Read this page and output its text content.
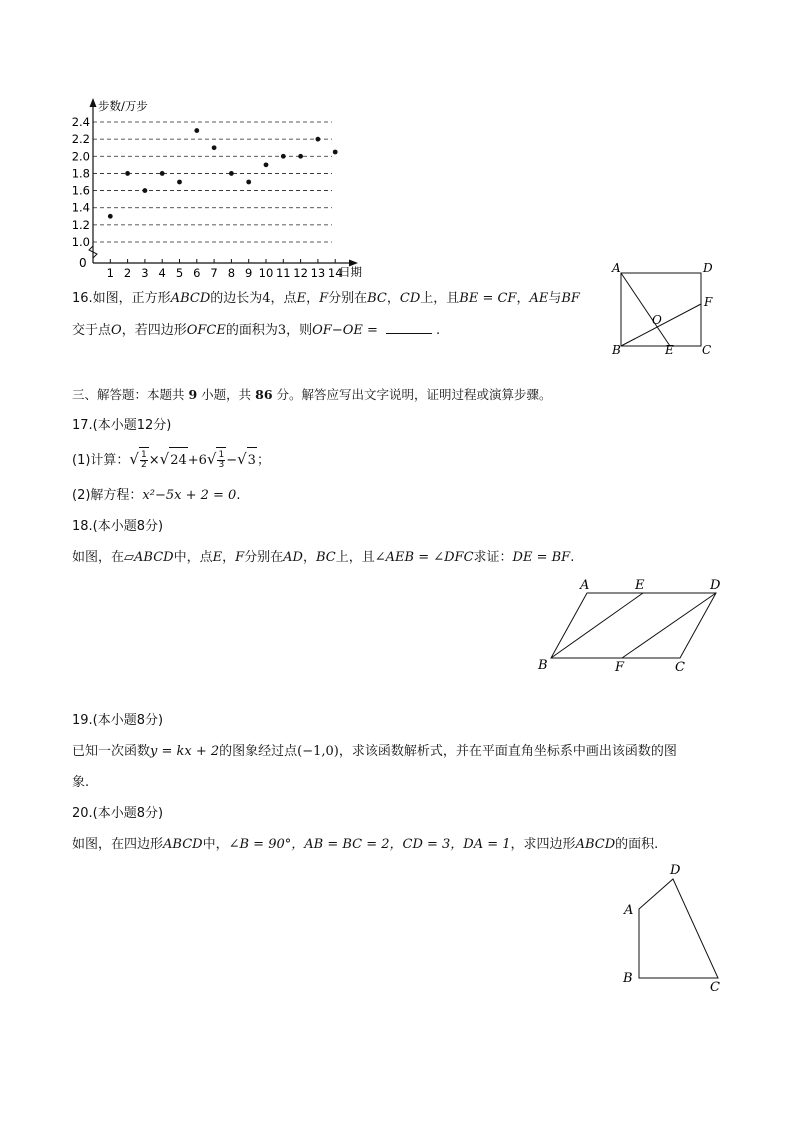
步数/万步
日期
0
1.0
1.2
1.4
1.6
1.8
2.0
2.2
2.4
1 2 3 4 5 6 7 8 9 10 11 12 13 14
16.如图，正方形ABCD的边长为4，点E，F分别在BC，CD上，且BE = CF，AE与BF
交于点O，若四边形OFCE的面积为3，则OF−OE =	.
A	D
B	C
E
F
O
三、解答题：本题共 9 小题，共 86 分。解答应写出文字说明，证明过程或演算步骤。
17.(本小题12分)
(1)计算：√ $\frac{1}{2} \times√24+6√ \frac{1}{3} -√3$；
(2)解方程：x²−5x + 2 = 0.
18.(本小题8分)
如图，在▱ABCD中，点E，F分别在AD，BC上，且∠AEB = ∠DFC求证：DE = BF.
A	E	D
B	F	C
19.(本小题8分)
已知一次函数y = kx + 2的图象经过点(−1,0)，求该函数解析式，并在平面直角坐标系中画出该函数的图
象.
20.(本小题8分)
如图，在四边形ABCD中，∠B = 90°，AB = BC = 2，CD = 3，DA = 1，求四边形ABCD的面积.
D
A
B
C
